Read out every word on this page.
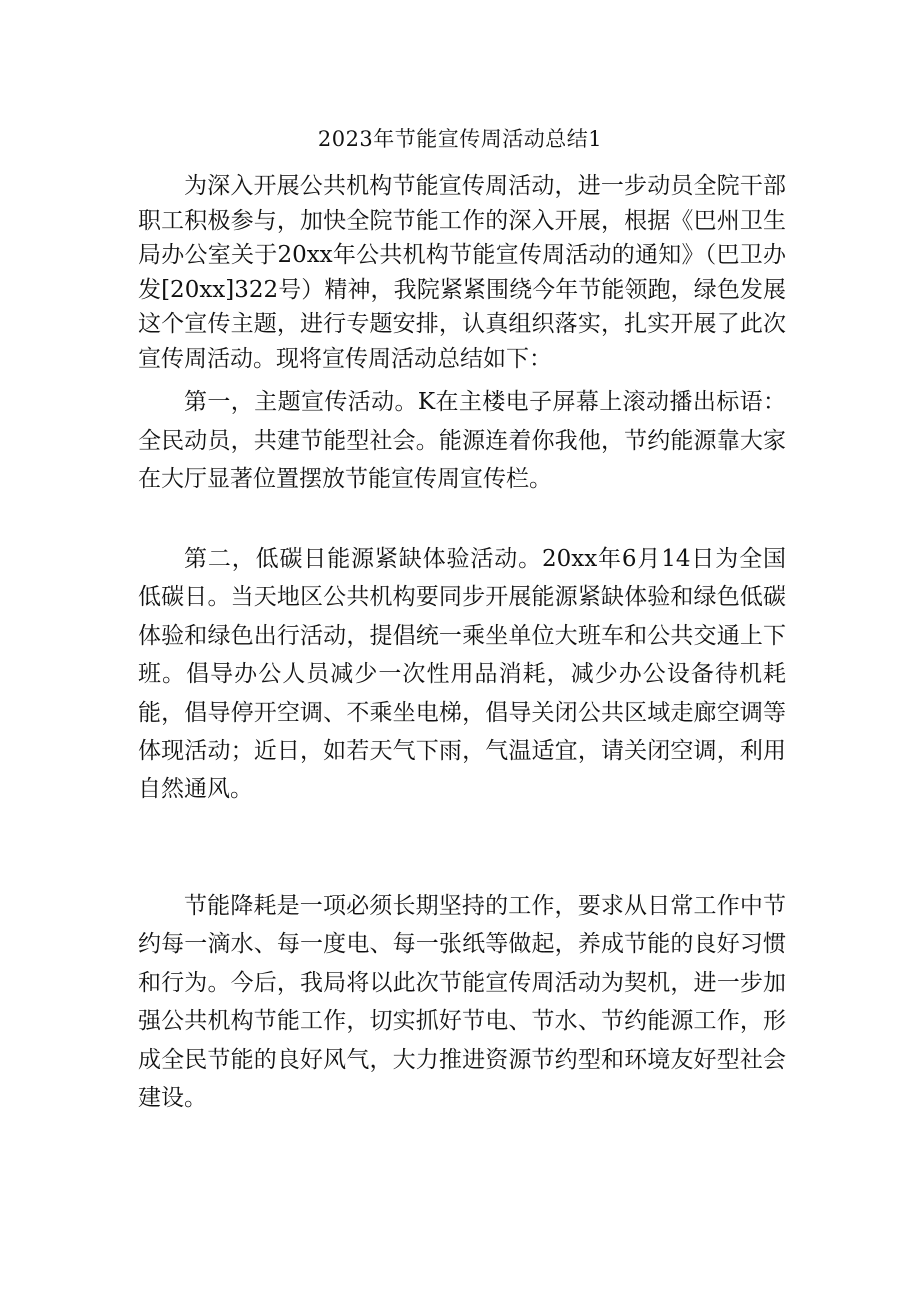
2023年节能宣传周活动总结1

为深入开展公共机构节能宣传周活动，进一步动员全院干部职工积极参与，加快全院节能工作的深入开展，根据《巴州卫生局办公室关于20xx年公共机构节能宣传周活动的通知》（巴卫办发[20xx]322号）精神，我院紧紧围绕今年节能领跑，绿色发展这个宣传主题，进行专题安排，认真组织落实，扎实开展了此次宣传周活动。现将宣传周活动总结如下：

第一，主题宣传活动。K在主楼电子屏幕上滚动播出标语：全民动员，共建节能型社会。能源连着你我他，节约能源靠大家在大厅显著位置摆放节能宣传周宣传栏。

第二，低碳日能源紧缺体验活动。20xx年6月14日为全国低碳日。当天地区公共机构要同步开展能源紧缺体验和绿色低碳体验和绿色出行活动，提倡统一乘坐单位大班车和公共交通上下班。倡导办公人员减少一次性用品消耗，减少办公设备待机耗能，倡导停开空调、不乘坐电梯，倡导关闭公共区域走廊空调等体现活动；近日，如若天气下雨，气温适宜，请关闭空调，利用自然通风。

节能降耗是一项必须长期坚持的工作，要求从日常工作中节约每一滴水、每一度电、每一张纸等做起，养成节能的良好习惯和行为。今后，我局将以此次节能宣传周活动为契机，进一步加强公共机构节能工作，切实抓好节电、节水、节约能源工作，形成全民节能的良好风气，大力推进资源节约型和环境友好型社会建设。
